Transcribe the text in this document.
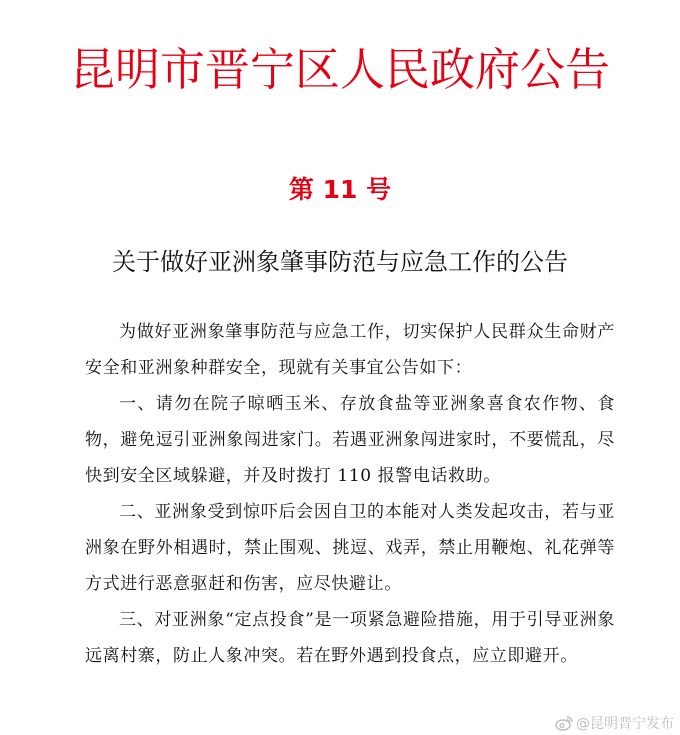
昆明市晋宁区人民政府公告
第 11 号
关于做好亚洲象肇事防范与应急工作的公告

为做好亚洲象肇事防范与应急工作，切实保护人民群众生命财产安全和亚洲象种群安全，现就有关事宜公告如下：

一、请勿在院子晾晒玉米、存放食盐等亚洲象喜食农作物、食物，避免逗引亚洲象闯进家门。若遇亚洲象闯进家时，不要慌乱，尽快到安全区域躲避，并及时拨打 110 报警电话救助。

二、亚洲象受到惊吓后会因自卫的本能对人类发起攻击，若与亚洲象在野外相遇时，禁止围观、挑逗、戏弄，禁止用鞭炮、礼花弹等方式进行恶意驱赶和伤害，应尽快避让。

三、对亚洲象“定点投食”是一项紧急避险措施，用于引导亚洲象远离村寨，防止人象冲突。若在野外遇到投食点，应立即避开。

@昆明晋宁发布
